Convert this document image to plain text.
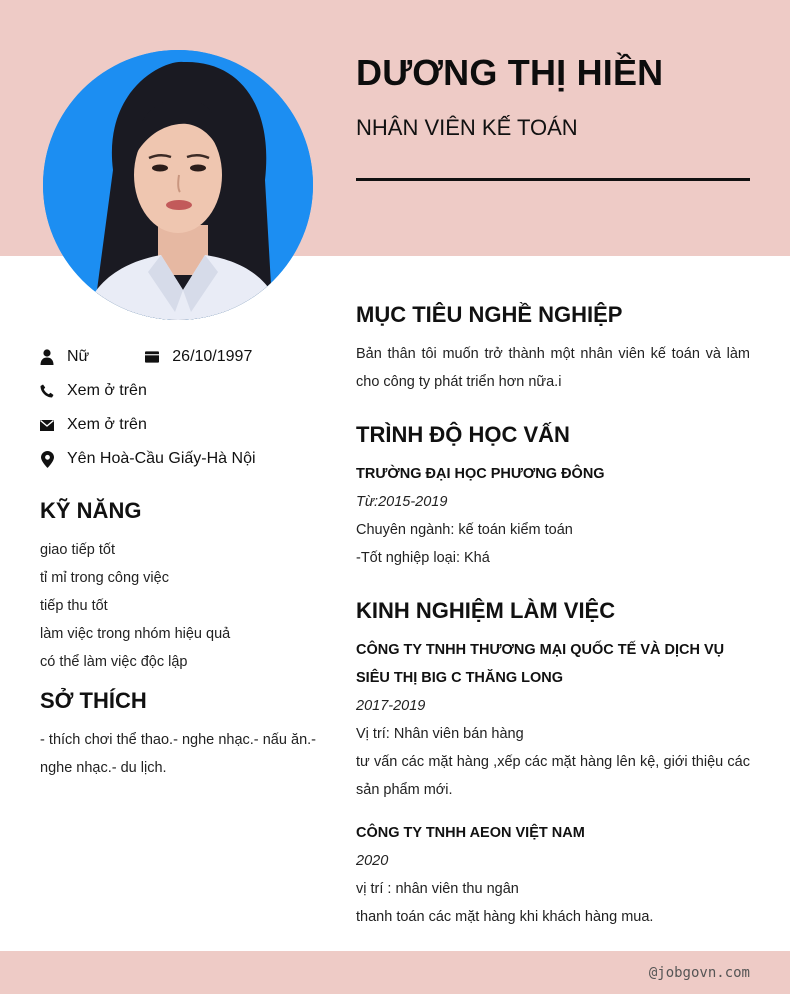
DƯƠNG THỊ HIỀN
NHÂN VIÊN KẾ TOÁN
Nữ	26/10/1997
Xem ở trên
Xem ở trên
Yên Hoà-Cầu Giấy-Hà Nội
KỸ NĂNG
giao tiếp tốt
tỉ mỉ trong công việc
tiếp thu tốt
làm việc trong nhóm hiệu quả
có thể làm việc độc lập
SỞ THÍCH
- thích chơi thể thao.- nghe nhạc.- nấu ăn.- nghe nhạc.- du lịch.
MỤC TIÊU NGHỀ NGHIỆP
Bản thân tôi muốn trở thành một nhân viên kế toán và làm cho công ty phát triển hơn nữa.i
TRÌNH ĐỘ HỌC VẤN
TRƯỜNG ĐẠI HỌC PHƯƠNG ĐÔNG
Từ:2015-2019
Chuyên ngành: kế toán kiểm toán
-Tốt nghiệp loại: Khá
KINH NGHIỆM LÀM VIỆC
CÔNG TY TNHH THƯƠNG MẠI QUỐC TẾ VÀ DỊCH VỤ SIÊU THỊ BIG C THĂNG LONG
2017-2019
Vị trí: Nhân viên bán hàng
tư vấn các mặt hàng ,xếp các mặt hàng lên kệ, giới thiệu các sản phẩm mới.
CÔNG TY TNHH AEON VIỆT NAM
2020
vị trí : nhân viên thu ngân
thanh toán các mặt hàng khi khách hàng mua.
@jobgovn.com
